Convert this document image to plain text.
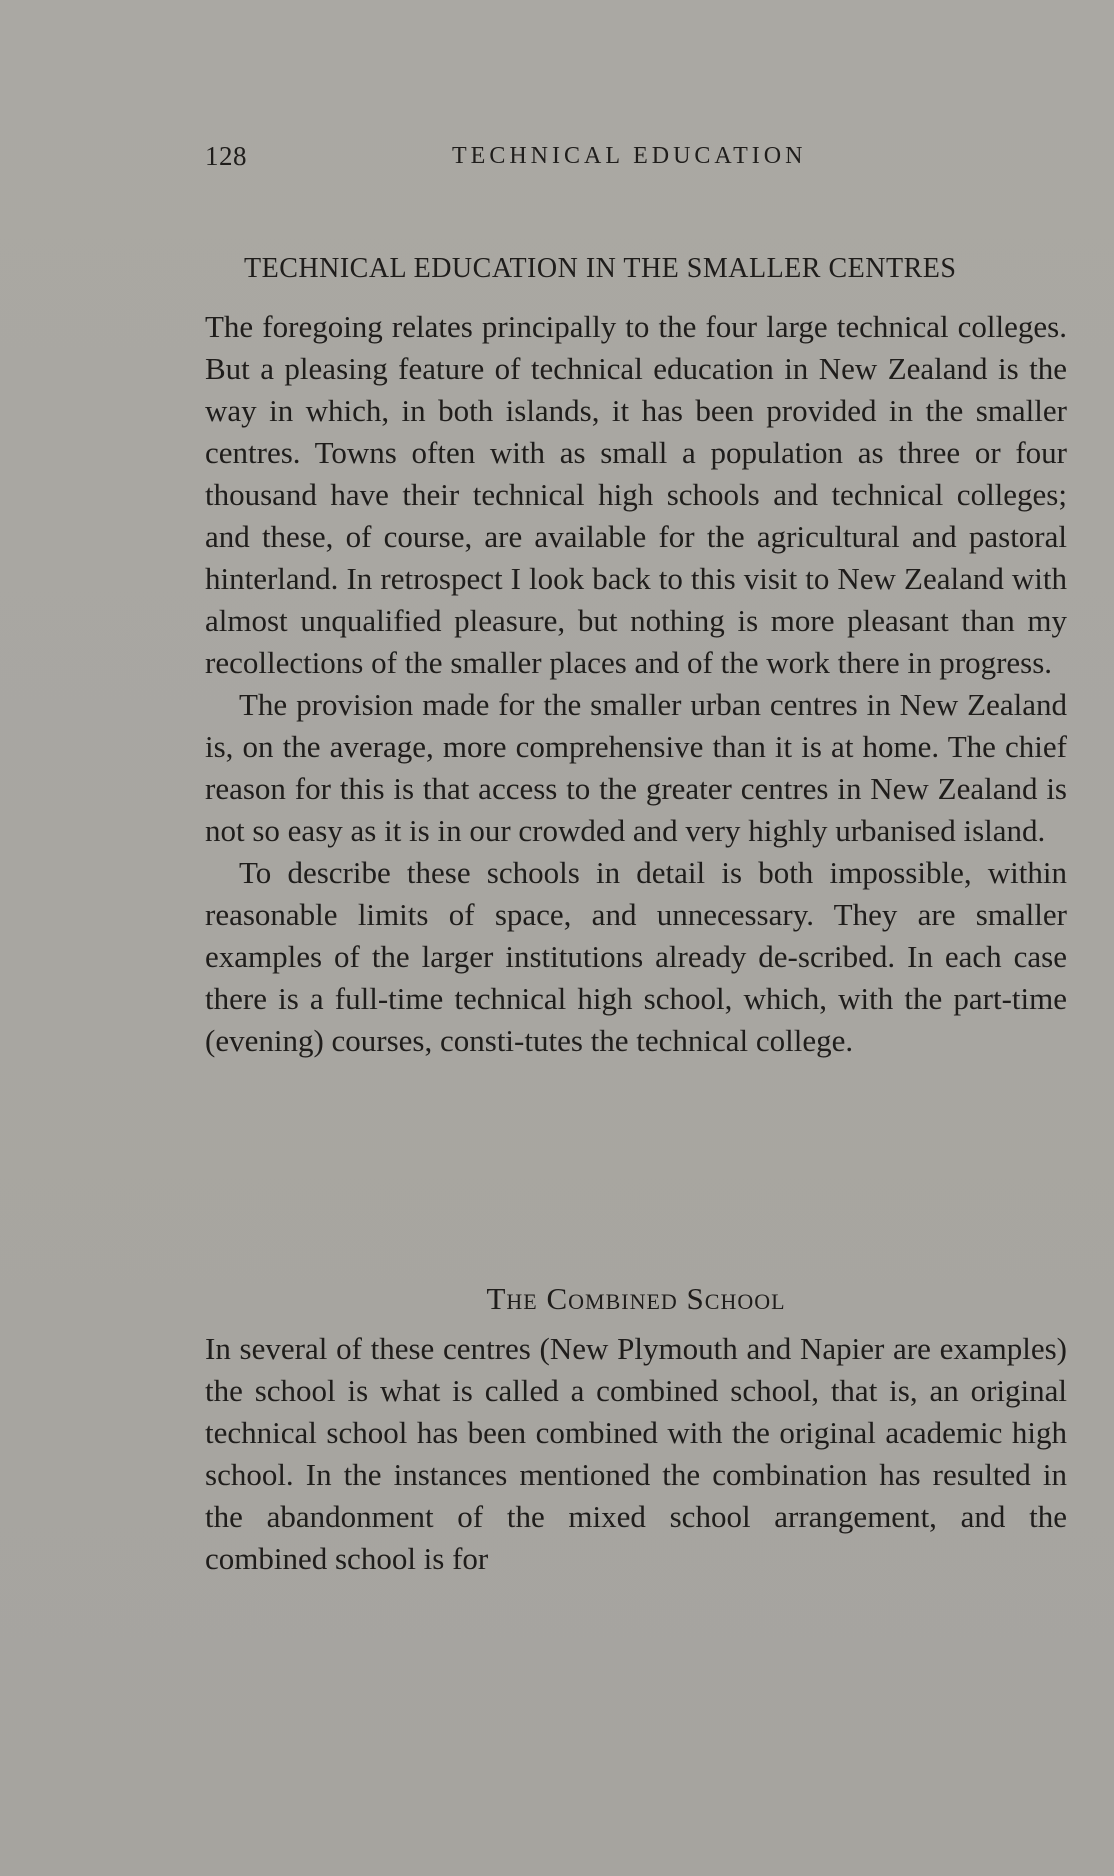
128	TECHNICAL EDUCATION
TECHNICAL EDUCATION IN THE SMALLER CENTRES

The foregoing relates principally to the four large technical colleges. But a pleasing feature of technical education in New Zealand is the way in which, in both islands, it has been provided in the smaller centres. Towns often with as small a population as three or four thousand have their technical high schools and technical colleges; and these, of course, are available for the agricultural and pastoral hinterland. In retrospect I look back to this visit to New Zealand with almost unqualified pleasure, but nothing is more pleasant than my recollections of the smaller places and of the work there in progress.

The provision made for the smaller urban centres in New Zealand is, on the average, more comprehensive than it is at home. The chief reason for this is that access to the greater centres in New Zealand is not so easy as it is in our crowded and very highly urbanised island.

To describe these schools in detail is both impossible, within reasonable limits of space, and unnecessary. They are smaller examples of the larger institutions already de-scribed. In each case there is a full-time technical high school, which, with the part-time (evening) courses, consti-tutes the technical college.

The Combined School

In several of these centres (New Plymouth and Napier are examples) the school is what is called a combined school, that is, an original technical school has been combined with the original academic high school. In the instances mentioned the combination has resulted in the abandonment of the mixed school arrangement, and the combined school is for
